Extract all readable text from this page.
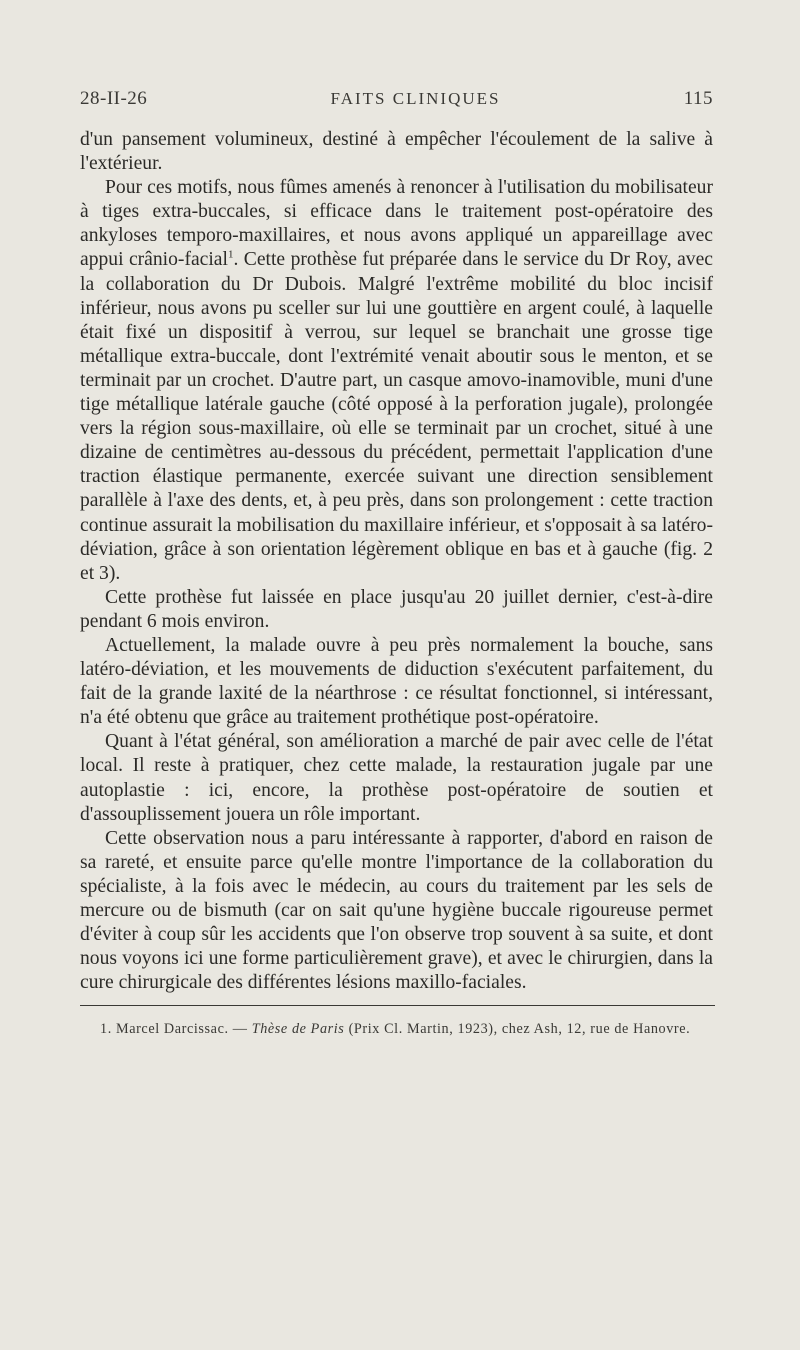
28-II-26	FAITS CLINIQUES	115

d'un pansement volumineux, destiné à empêcher l'écoulement de la salive à l'extérieur.

Pour ces motifs, nous fûmes amenés à renoncer à l'utilisation du mobilisateur à tiges extra-buccales, si efficace dans le traitement post-opératoire des ankyloses temporo-maxillaires, et nous avons appliqué un appareillage avec appui crânio-facial$^1$. Cette prothèse fut préparée dans le service du Dr Roy, avec la collaboration du Dr Dubois. Malgré l'extrême mobilité du bloc incisif inférieur, nous avons pu sceller sur lui une gouttière en argent coulé, à laquelle était fixé un dispositif à verrou, sur lequel se branchait une grosse tige métallique extra-buccale, dont l'extrémité venait aboutir sous le menton, et se terminait par un crochet. D'autre part, un casque amovo-inamovible, muni d'une tige métallique latérale gauche (côté opposé à la perforation jugale), prolongée vers la région sous-maxillaire, où elle se terminait par un crochet, situé à une dizaine de centimètres au-dessous du précédent, permettait l'application d'une traction élastique permanente, exercée suivant une direction sensiblement parallèle à l'axe des dents, et, à peu près, dans son prolongement : cette traction continue assurait la mobilisation du maxillaire inférieur, et s'opposait à sa latéro-déviation, grâce à son orientation légèrement oblique en bas et à gauche (fig. 2 et 3).

Cette prothèse fut laissée en place jusqu'au 20 juillet dernier, c'est-à-dire pendant 6 mois environ.

Actuellement, la malade ouvre à peu près normalement la bouche, sans latéro-déviation, et les mouvements de diduction s'exécutent parfaitement, du fait de la grande laxité de la néarthrose : ce résultat fonctionnel, si intéressant, n'a été obtenu que grâce au traitement prothétique post-opératoire.

Quant à l'état général, son amélioration a marché de pair avec celle de l'état local. Il reste à pratiquer, chez cette malade, la restauration jugale par une autoplastie : ici, encore, la prothèse post-opératoire de soutien et d'assouplissement jouera un rôle important.

Cette observation nous a paru intéressante à rapporter, d'abord en raison de sa rareté, et ensuite parce qu'elle montre l'importance de la collaboration du spécialiste, à la fois avec le médecin, au cours du traitement par les sels de mercure ou de bismuth (car on sait qu'une hygiène buccale rigoureuse permet d'éviter à coup sûr les accidents que l'on observe trop souvent à sa suite, et dont nous voyons ici une forme particulièrement grave), et avec le chirurgien, dans la cure chirurgicale des différentes lésions maxillo-faciales.

1. Marcel Darcissac. — Thèse de Paris (Prix Cl. Martin, 1923), chez Ash, 12, rue de Hanovre.
